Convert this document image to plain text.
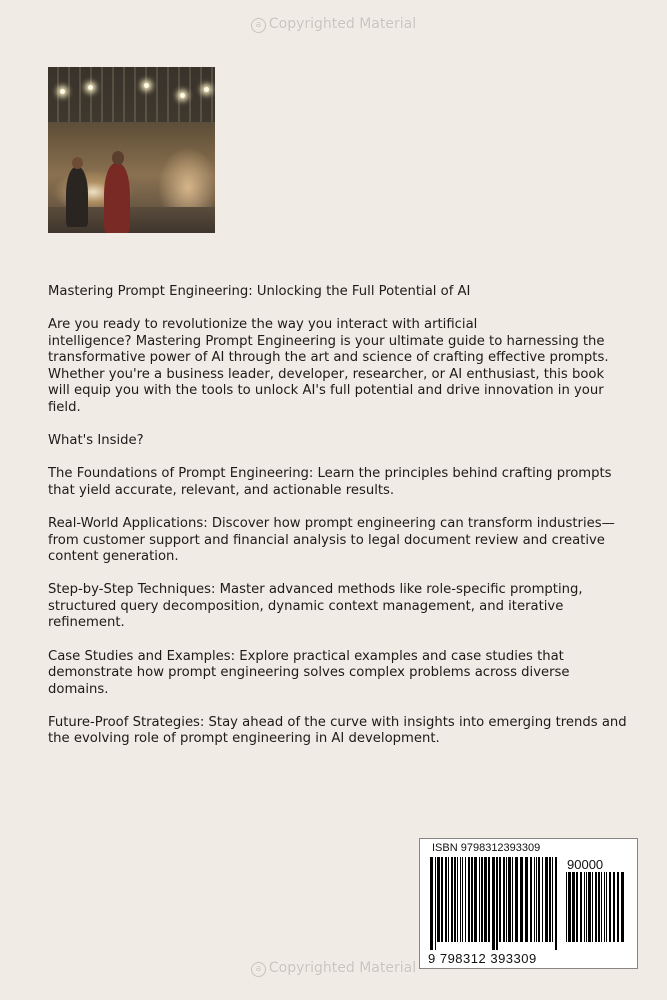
a Copyrighted Material

Mastering Prompt Engineering: Unlocking the Full Potential of AI

Are you ready to revolutionize the way you interact with artificial
intelligence? Mastering Prompt Engineering is your ultimate guide to harnessing the transformative power of AI through the art and science of crafting effective prompts. Whether you're a business leader, developer, researcher, or AI enthusiast, this book will equip you with the tools to unlock AI's full potential and drive innovation in your field.

What's Inside?

The Foundations of Prompt Engineering: Learn the principles behind crafting prompts that yield accurate, relevant, and actionable results.

Real-World Applications: Discover how prompt engineering can transform industries—from customer support and financial analysis to legal document review and creative content generation.

Step-by-Step Techniques: Master advanced methods like role-specific prompting, structured query decomposition, dynamic context management, and iterative refinement.

Case Studies and Examples: Explore practical examples and case studies that demonstrate how prompt engineering solves complex problems across diverse domains.

Future-Proof Strategies: Stay ahead of the curve with insights into emerging trends and the evolving role of prompt engineering in AI development.

ISBN 9798312393309
90000
9 798312 393309
a Copyrighted Material
